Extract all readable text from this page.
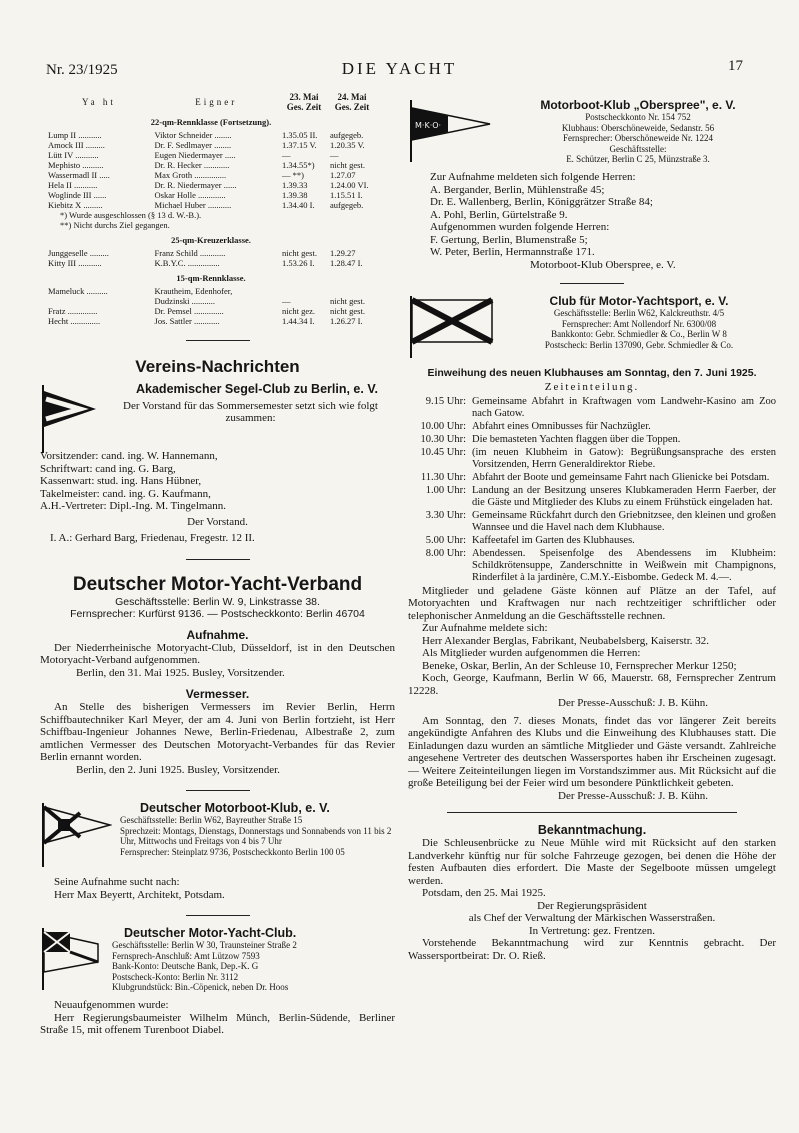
Nr. 23/1925	DIE YACHT	17
Ya ht	Eigner	23. Mai Ges. Zeit	24. Mai Ges. Zeit
22-qm-Rennklasse (Fortsetzung).			
Lump II ...........	Viktor Schneider ........	1.35.05 II.	aufgegeb.
Amock III .........	Dr. F. Sedlmayer ........	1.37.15 V.	1.20.35 V.
Lütt IV ...........	Eugen Niedermayer .....	—	—
Mephisto ..........	Dr. R. Hecker ............	1.34.55*)	nicht gest.
Wassermadl II .....	Max Groth ...............	— **)	1.27.07
Hela II ...........	Dr. R. Niedermayer ......	1.39.33	1.24.00 VI.
Woglinde III ......	Oskar Holle .............	1.39.38	1.15.51 I.
Kiebitz X .........	Michael Huber ...........	1.34.40 I.	aufgegeb.
*) Wurde ausgeschlossen (§ 13 d. W.-B.).			
**) Nicht durchs Ziel gegangen.			
25-qm-Kreuzerklasse.			
Junggeselle .........	Franz Schild ............	nicht gest.	1.29.27
Kitty III ...........	K.B.Y.C. ...............	1.53.26 I.	1.28.47 I.
15-qm-Rennklasse.			
Mameluck ..........	Krautheim, Edenhofer,		
	Dudzinski ...........	—	nicht gest.
Fratz ..............	Dr. Pemsel ..............	nicht gez.	nicht gest.
Hecht ..............	Jos. Sattler ............	1.44.34 I.	1.26.27 I.
Vereins-Nachrichten
Akademischer Segel-Club zu Berlin, e. V.

Der Vorstand für das Sommersemester setzt sich wie folgt zusammen:

Vorsitzender: cand. ing. W. Hannemann,

Schriftwart: cand ing. G. Barg,

Kassenwart: stud. ing. Hans Hübner,

Takelmeister: cand. ing. G. Kaufmann,

A.H.-Vertreter: Dipl.-Ing. M. Tingelmann.

Der Vorstand.

I. A.: Gerhard Barg, Friedenau, Fregestr. 12 II.

Deutscher Motor-Yacht-Verband
Geschäftsstelle: Berlin W. 9, Linkstrasse 38.
Fernsprecher: Kurfürst 9136. — Postscheckkonto: Berlin 46704
Aufnahme.

Der Niederrheinische Motoryacht-Club, Düsseldorf, ist in den Deutschen Motoryacht-Verband aufgenommen.

Berlin, den 31. Mai 1925. Busley, Vorsitzender.

Vermesser.

An Stelle des bisherigen Vermessers im Revier Berlin, Herrn Schiffbautechniker Karl Meyer, der am 4. Juni von Berlin fortzieht, ist Herr Schiffbau-Ingenieur Johannes Newe, Berlin-Friedenau, Albestraße 2, zum amtlichen Vermesser des Deutschen Motoryacht-Verbandes für das Revier Berlin ernannt worden.

Berlin, den 2. Juni 1925. Busley, Vorsitzender.

Deutscher Motorboot-Klub, e. V.

Geschäftsstelle: Berlin W62, Bayreuther Straße 15

Sprechzeit: Montags, Dienstags, Donnerstags und Sonnabends von 11 bis 2 Uhr, Mittwochs und Freitags von 4 bis 7 Uhr

Fernsprecher: Steinplatz 9736, Postscheckkonto Berlin 100 05

Seine Aufnahme sucht nach:

Herr Max Beyertt, Architekt, Potsdam.

Deutscher Motor-Yacht-Club.

Geschäftsstelle: Berlin W 30, Traunsteiner Straße 2

Fernsprech-Anschluß: Amt Lützow 7593

Bank-Konto: Deutsche Bank, Dep.-K. G

Postscheck-Konto: Berlin Nr. 3112

Klubgrundstück: Bin.-Cöpenick, neben Dr. Hoos

Neuaufgenommen wurde:

Herr Regierungsbaumeister Wilhelm Münch, Berlin-Südende, Berliner Straße 15, mit offenem Turenboot Diabel.

M·K·O·
Motorboot-Klub „Oberspree", e. V.

Postscheckkonto Nr. 154 752

Klubhaus: Oberschöneweide, Sedanstr. 56

Fernsprecher: Oberschöneweide Nr. 1224

Geschäftsstelle:

E. Schützer, Berlin C 25, Münzstraße 3.

Zur Aufnahme meldeten sich folgende Herren:

A. Bergander, Berlin, Mühlenstraße 45;

Dr. E. Wallenberg, Berlin, Königgrätzer Straße 84;

A. Pohl, Berlin, Gürtelstraße 9.

Aufgenommen wurden folgende Herren:

F. Gertung, Berlin, Blumenstraße 5;

W. Peter, Berlin, Hermannstraße 171.

Motorboot-Klub Oberspree, e. V.

Club für Motor-Yachtsport, e. V.

Geschäftsstelle: Berlin W62, Kalckreuthstr. 4/5

Fernsprecher: Amt Nollendorf Nr. 6300/08

Bankkonto: Gebr. Schmiedler & Co., Berlin W 8

Postscheck: Berlin 137090, Gebr. Schmiedler & Co.

Einweihung des neuen Klubhauses am Sonntag, den 7. Juni 1925.
Zeiteinteilung.
9.15 Uhr:	Gemeinsame Abfahrt in Kraftwagen vom Landwehr-Kasino am Zoo nach Gatow.
10.00 Uhr:	Abfahrt eines Omnibusses für Nachzügler.
10.30 Uhr:	Die bemasteten Yachten flaggen über die Toppen.
10.45 Uhr:	(im neuen Klubheim in Gatow): Begrüßungsansprache des ersten Vorsitzenden, Herrn Generaldirektor Riebe.
11.30 Uhr:	Abfahrt der Boote und gemeinsame Fahrt nach Glienicke bei Potsdam.
1.00 Uhr:	Landung an der Besitzung unseres Klubkameraden Herrn Faerber, der die Gäste und Mitglieder des Klubs zu einem Frühstück eingeladen hat.
3.30 Uhr:	Gemeinsame Rückfahrt durch den Griebnitzsee, den kleinen und großen Wannsee und die Havel nach dem Klubhause.
5.00 Uhr:	Kaffeetafel im Garten des Klubhauses.
8.00 Uhr:	Abendessen. Speisenfolge des Abendessens im Klubheim: Schildkrötensuppe, Zanderschnitte in Weißwein mit Champignons, Rinderfilet à la jardinère, C.M.Y.-Eisbombe. Gedeck M. 4.—.

Mitglieder und geladene Gäste können auf Plätze an der Tafel, auf Motoryachten und Kraftwagen nur nach rechtzeitiger schriftlicher oder telephonischer Anmeldung an die Geschäftsstelle rechnen.

Zur Aufnahme meldete sich:

Herr Alexander Berglas, Fabrikant, Neubabelsberg, Kaiserstr. 32.

Als Mitglieder wurden aufgenommen die Herren:

Beneke, Oskar, Berlin, An der Schleuse 10, Fernsprecher Merkur 1250;

Koch, George, Kaufmann, Berlin W 66, Mauerstr. 68, Fernsprecher Zentrum 12228.

Der Presse-Ausschuß: J. B. Kühn.

Am Sonntag, den 7. dieses Monats, findet das vor längerer Zeit bereits angekündigte Anfahren des Klubs und die Einweihung des Klubhauses statt. Die Einladungen dazu wurden an sämtliche Mitglieder und Gäste versandt. Zahlreiche angesehene Vertreter des deutschen Wassersportes haben ihr Erscheinen zugesagt. — Weitere Zeiteinteilungen liegen im Vorstandszimmer aus. Mit Rücksicht auf die große Beteiligung bei der Feier wird um besondere Pünktlichkeit gebeten.

Der Presse-Ausschuß: J. B. Kühn.

Bekanntmachung.

Die Schleusenbrücke zu Neue Mühle wird mit Rücksicht auf den starken Landverkehr künftig nur für solche Fahrzeuge gezogen, bei denen die Höhe der festen Aufbauten dies erfordert. Die Maste der Segelboote müssen umgelegt werden.

Potsdam, den 25. Mai 1925.

Der Regierungspräsident

als Chef der Verwaltung der Märkischen Wasserstraßen.

In Vertretung: gez. Frentzen.

Vorstehende Bekanntmachung wird zur Kenntnis gebracht. Der Wassersportbeirat: Dr. O. Rieß.
